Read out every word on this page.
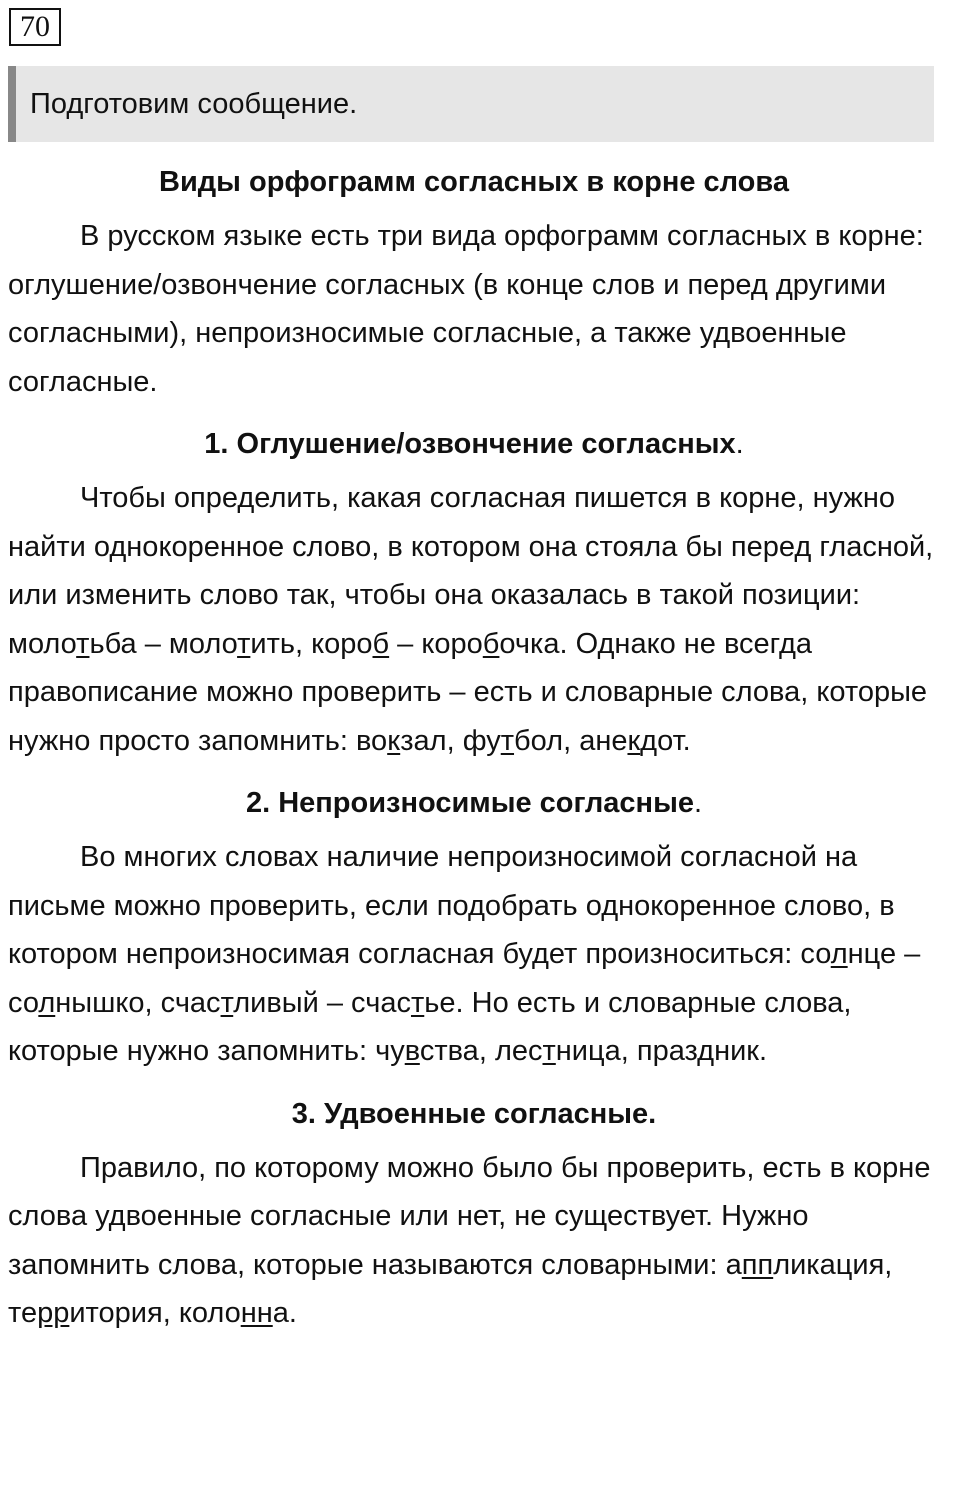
70
Подготовим сообщение.
Виды орфограмм согласных в корне слова

В русском языке есть три вида орфограмм согласных в корне: оглушение/озвончение согласных (в конце слов и перед другими согласными), непроизносимые согласные, а также удвоенные согласные.

1. Оглушение/озвончение согласных.

Чтобы определить, какая согласная пишется в корне, нужно найти однокоренное слово, в котором она стояла бы перед гласной, или изменить слово так, чтобы она оказалась в такой позиции: молотьба – молотить, короб – коробочка. Однако не всегда правописание можно проверить – есть и словарные слова, которые нужно просто запомнить: вокзал, футбол, анекдот.

2. Непроизносимые согласные.

Во многих словах наличие непроизносимой согласной на письме можно проверить, если подобрать однокоренное слово, в котором непроизносимая согласная будет произноситься: солнце – солнышко, счастливый – счастье. Но есть и словарные слова, которые нужно запомнить: чувства, лестница, праздник.

3. Удвоенные согласные.

Правило, по которому можно было бы проверить, есть в корне слова удвоенные согласные или нет, не существует. Нужно запомнить слова, которые называются словарными: аппликация, территория, колонна.
